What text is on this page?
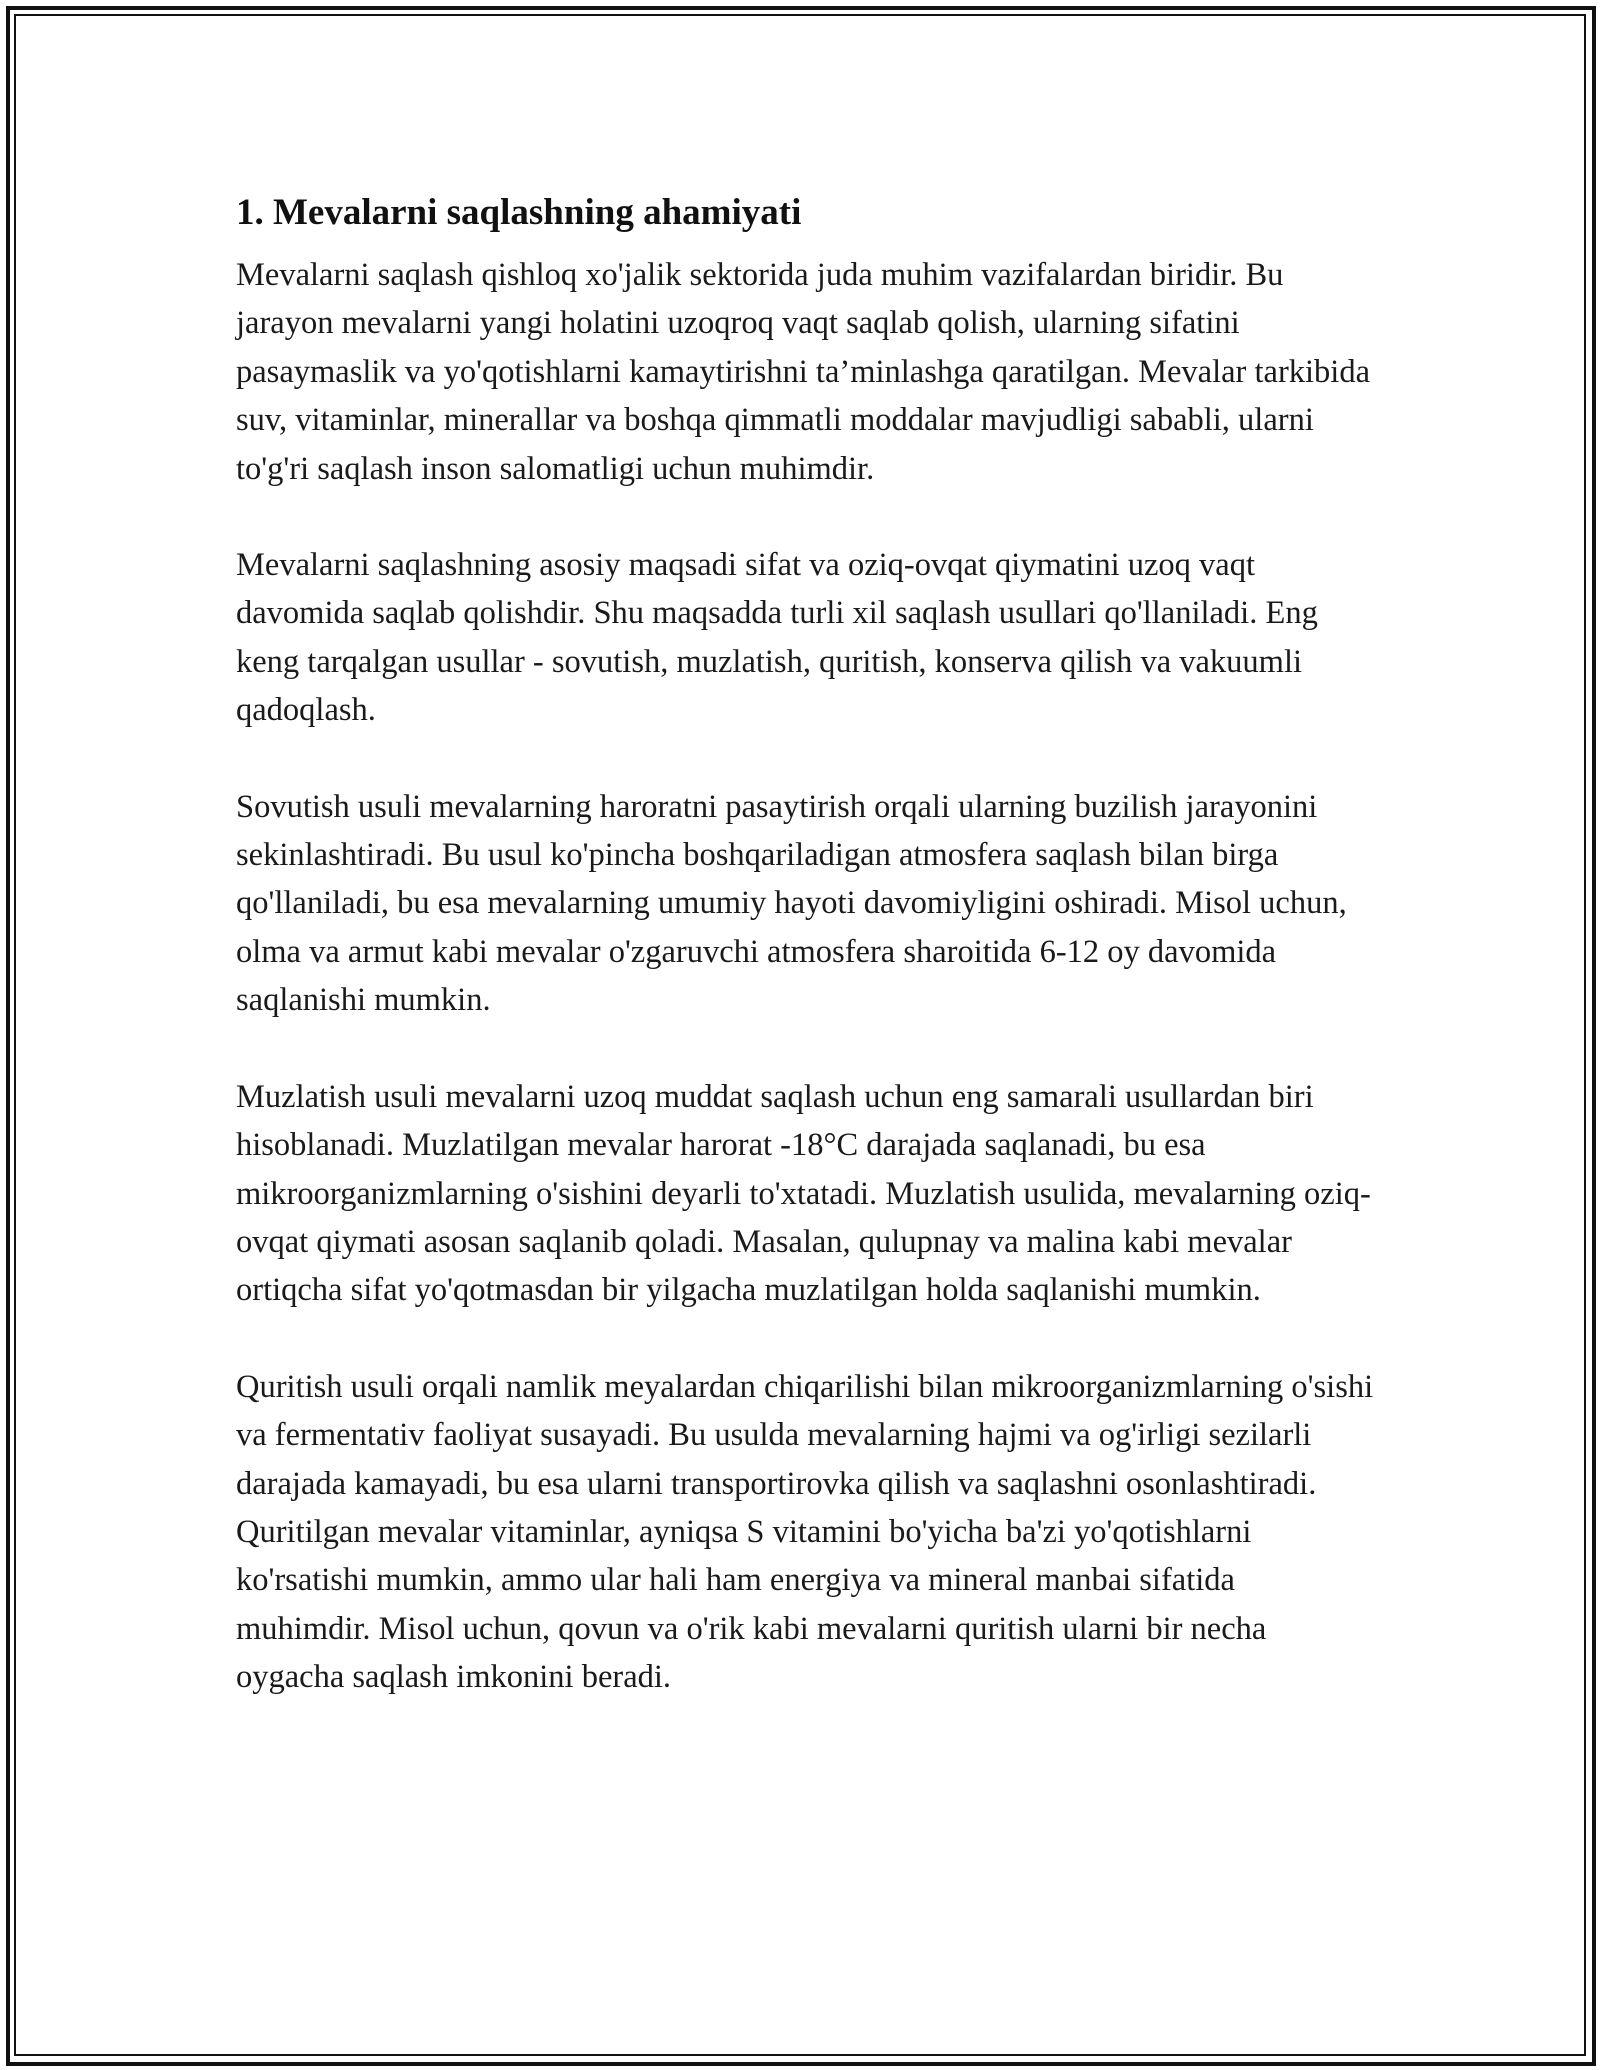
1. Mevalarni saqlashning ahamiyati

Mevalarni saqlash qishloq xo'jalik sektorida juda muhim vazifalardan biridir. Bu jarayon mevalarni yangi holatini uzoqroq vaqt saqlab qolish, ularning sifatini pasaymaslik va yo'qotishlarni kamaytirishni ta’minlashga qaratilgan. Mevalar tarkibida suv, vitaminlar, minerallar va boshqa qimmatli moddalar mavjudligi sababli, ularni to'g'ri saqlash inson salomatligi uchun muhimdir.

Mevalarni saqlashning asosiy maqsadi sifat va oziq-ovqat qiymatini uzoq vaqt davomida saqlab qolishdir. Shu maqsadda turli xil saqlash usullari qo'llaniladi. Eng keng tarqalgan usullar - sovutish, muzlatish, quritish, konserva qilish va vakuumli qadoqlash.

Sovutish usuli mevalarning haroratni pasaytirish orqali ularning buzilish jarayonini sekinlashtiradi. Bu usul ko'pincha boshqariladigan atmosfera saqlash bilan birga qo'llaniladi, bu esa mevalarning umumiy hayoti davomiyligini oshiradi. Misol uchun, olma va armut kabi mevalar o'zgaruvchi atmosfera sharoitida 6-12 oy davomida saqlanishi mumkin.

Muzlatish usuli mevalarni uzoq muddat saqlash uchun eng samarali usullardan biri hisoblanadi. Muzlatilgan mevalar harorat -18°C darajada saqlanadi, bu esa mikroorganizmlarning o'sishini deyarli to'xtatadi. Muzlatish usulida, mevalarning oziq-ovqat qiymati asosan saqlanib qoladi. Masalan, qulupnay va malina kabi mevalar ortiqcha sifat yo'qotmasdan bir yilgacha muzlatilgan holda saqlanishi mumkin.

Quritish usuli orqali namlik meyalardan chiqarilishi bilan mikroorganizmlarning o'sishi va fermentativ faoliyat susayadi. Bu usulda mevalarning hajmi va og'irligi sezilarli darajada kamayadi, bu esa ularni transportirovka qilish va saqlashni osonlashtiradi. Quritilgan mevalar vitaminlar, ayniqsa S vitamini bo'yicha ba'zi yo'qotishlarni ko'rsatishi mumkin, ammo ular hali ham energiya va mineral manbai sifatida muhimdir. Misol uchun, qovun va o'rik kabi mevalarni quritish ularni bir necha oygacha saqlash imkonini beradi.
